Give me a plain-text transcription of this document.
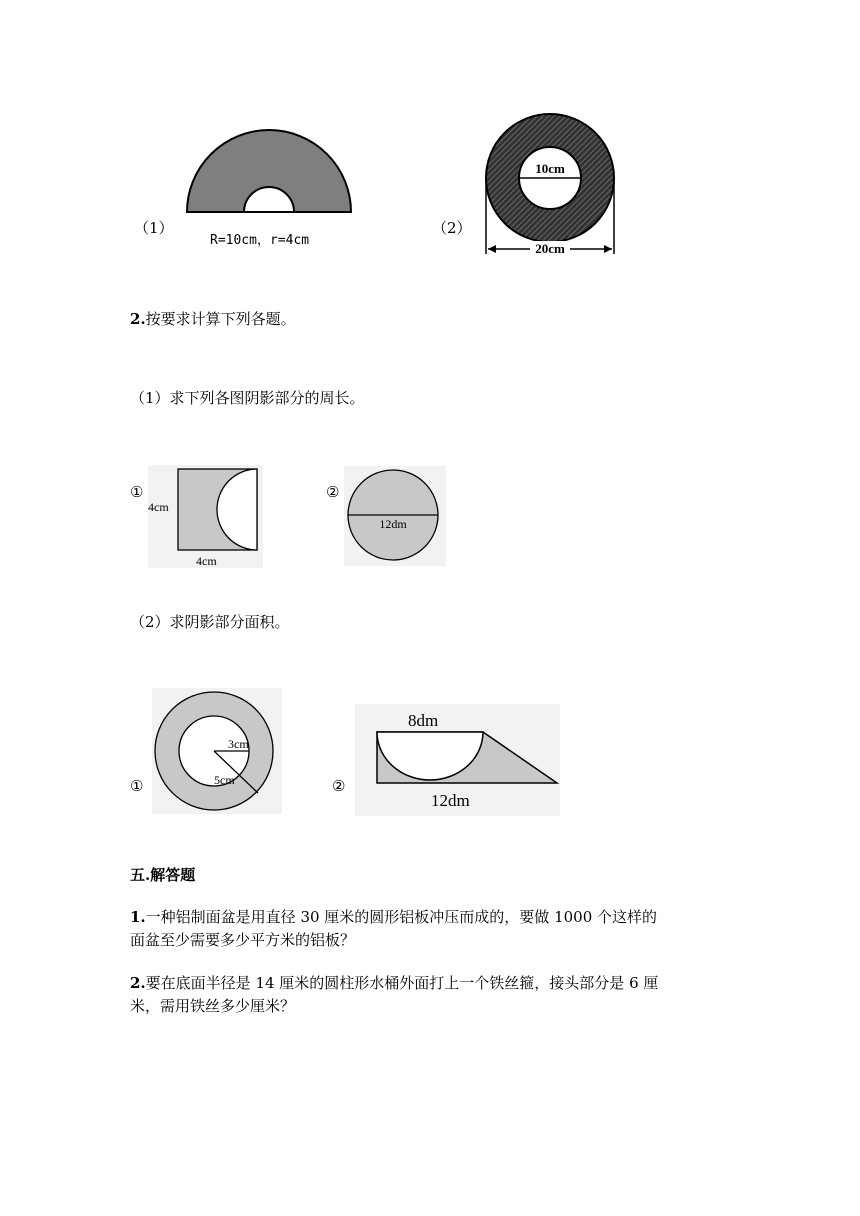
（1）
R=10cm，r=4cm
10cm
20cm
（2）
2.按要求计算下列各题。
（1）求下列各图阴影部分的周长。
①
4cm
4cm
②
12dm
（2）求阴影部分面积。
①
3cm
5cm	②
8dm
12dm
五.解答题
1.一种铝制面盆是用直径 30 厘米的圆形铝板冲压而成的，要做 1000 个这样的
面盆至少需要多少平方米的铝板？
2.要在底面半径是 14 厘米的圆柱形水桶外面打上一个铁丝箍，接头部分是 6 厘
米，需用铁丝多少厘米？
